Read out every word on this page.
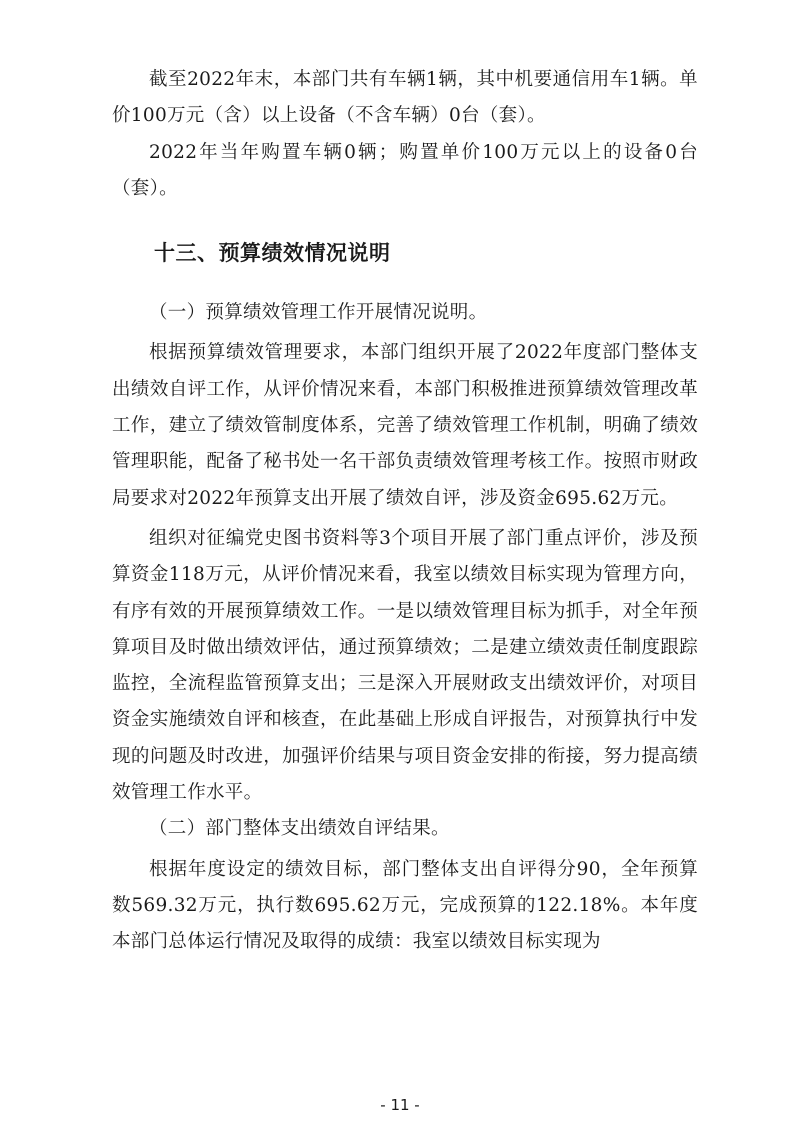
截至2022年末，本部门共有车辆1辆，其中机要通信用车1辆。单价100万元（含）以上设备（不含车辆）0台（套）。

2022年当年购置车辆0辆；购置单价100万元以上的设备0台（套）。

十三、预算绩效情况说明

（一）预算绩效管理工作开展情况说明。

根据预算绩效管理要求，本部门组织开展了2022年度部门整体支出绩效自评工作，从评价情况来看，本部门积极推进预算绩效管理改革工作，建立了绩效管制度体系，完善了绩效管理工作机制，明确了绩效管理职能，配备了秘书处一名干部负责绩效管理考核工作。按照市财政局要求对2022年预算支出开展了绩效自评，涉及资金695.62万元。

组织对征编党史图书资料等3个项目开展了部门重点评价，涉及预算资金118万元，从评价情况来看，我室以绩效目标实现为管理方向，有序有效的开展预算绩效工作。一是以绩效管理目标为抓手，对全年预算项目及时做出绩效评估，通过预算绩效；二是建立绩效责任制度跟踪监控，全流程监管预算支出；三是深入开展财政支出绩效评价，对项目资金实施绩效自评和核查，在此基础上形成自评报告，对预算执行中发现的问题及时改进，加强评价结果与项目资金安排的衔接，努力提高绩效管理工作水平。

（二）部门整体支出绩效自评结果。

根据年度设定的绩效目标，部门整体支出自评得分90，全年预算数569.32万元，执行数695.62万元，完成预算的122.18%。本年度本部门总体运行情况及取得的成绩：我室以绩效目标实现为

- 11 -
